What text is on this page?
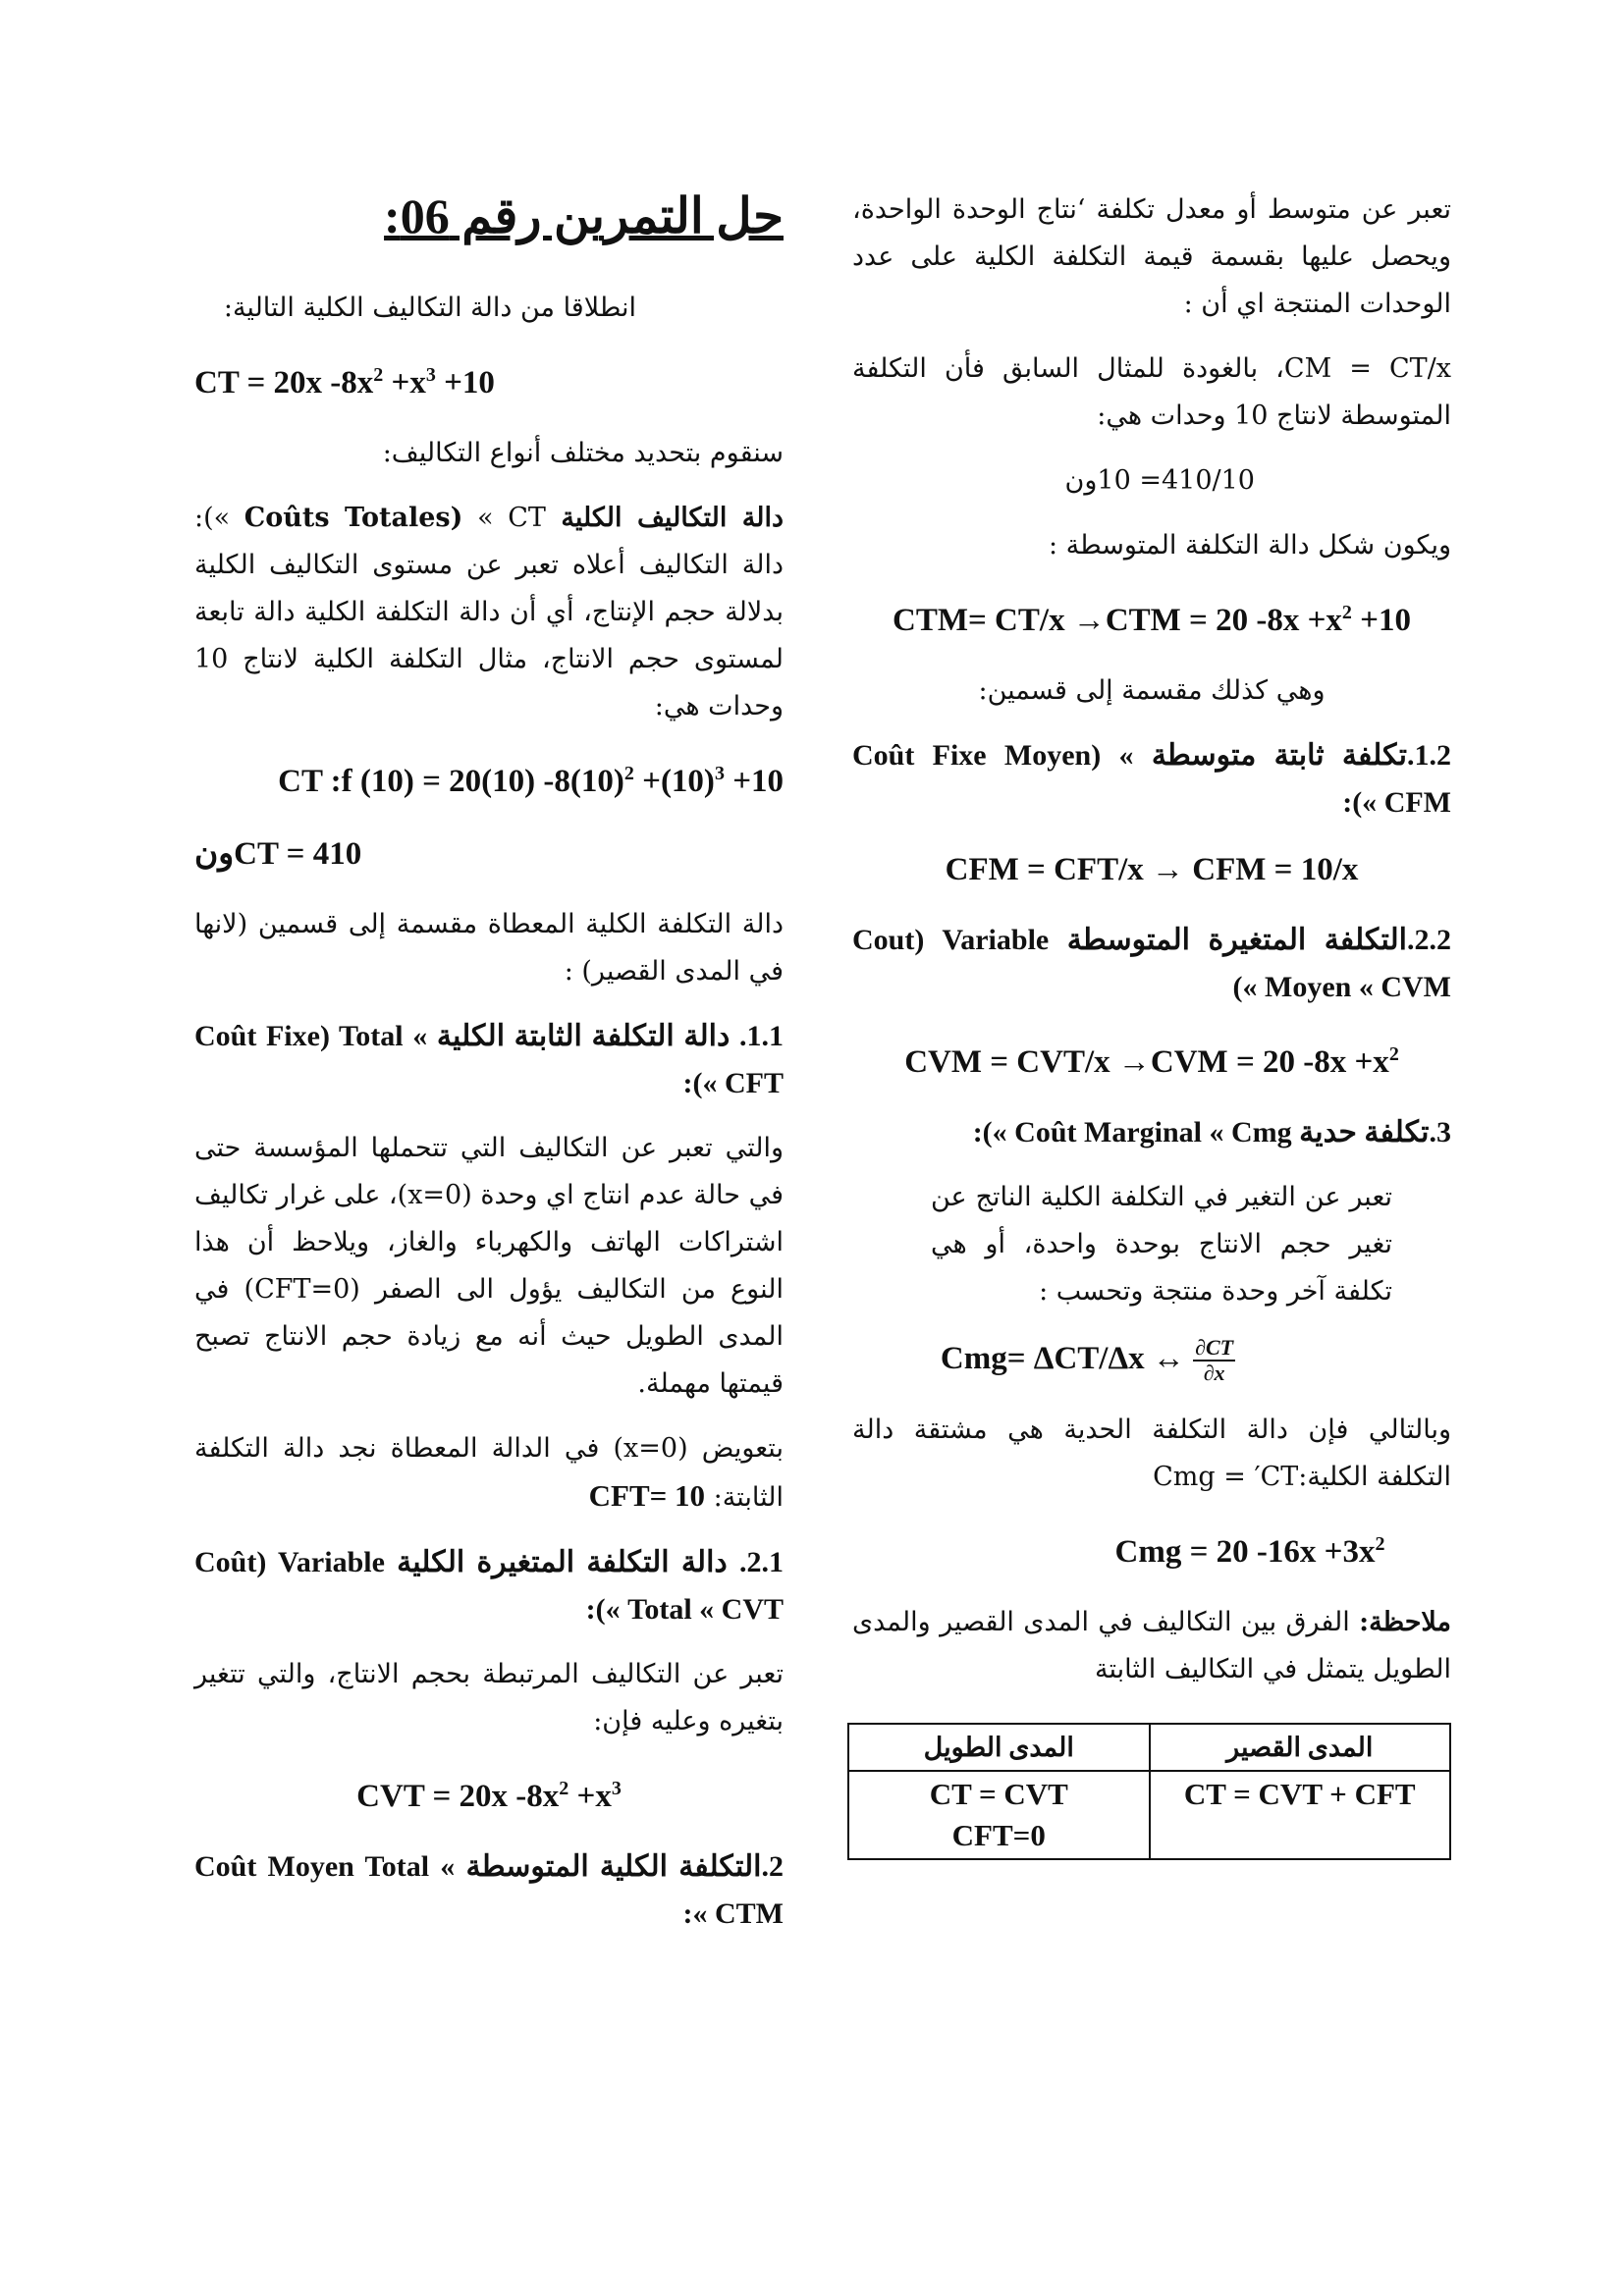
حل التمرين رقم 06:

انطلاقا من دالة التكاليف الكلية التالية:

CT = 20x $-8x^2 +x^3 +10$

سنقوم بتحديد مختلف أنواع التكاليف:

دالة التكاليف الكلية Coûts Totales) « CT »): دالة التكاليف أعلاه تعبر عن مستوى التكاليف الكلية بدلالة حجم الإنتاج، أي أن دالة التكلفة الكلية دالة تابعة لمستوى حجم الانتاج، مثال التكلفة الكلية لانتاج 10 وحدات هي:

CT :f (10) = 20(10) $-8(10)^2 +(10)^3 +10$
CT = 410ون

دالة التكلفة الكلية المعطاة مقسمة إلى قسمين (لانها في المدى القصير) :

1.1. دالة التكلفة الثابتة الكلية Coût Fixe) Total « CFT »):

والتي تعبر عن التكاليف التي تتحملها المؤسسة حتى في حالة عدم انتاج اي وحدة (x=0)، على غرار تكاليف اشتراكات الهاتف والكهرباء والغاز، ويلاحظ أن هذا النوع من التكاليف يؤول الى الصفر (CFT=0) في المدى الطويل حيث أنه مع زيادة حجم الانتاج تصبح قيمتها مهملة.

بتعويض (x=0) في الدالة المعطاة نجد دالة التكلفة الثابتة: CFT= 10

2.1. دالة التكلفة المتغيرة الكلية Coût) Variable Total « CVT »):

تعبر عن التكاليف المرتبطة بحجم الانتاج، والتي تتغير بتغيره وعليه فإن:

CVT = 20x $-8x^2 +x^3$

2.التكلفة الكلية المتوسطة Coût Moyen Total « CTM »:

تعبر عن متوسط أو معدل تكلفة ‘نتاج الوحدة الواحدة، ويحصل عليها بقسمة قيمة التكلفة الكلية على عدد الوحدات المنتجة اي أن :

CM = CT/x، بالغودة للمثال السابق فأن التكلفة المتوسطة لانتاج 10 وحدات هي:

410/10= 10ون

ويكون شكل دالة التكلفة المتوسطة :

CTM= CT/x →CTM = 20 $-8x +x^2 +10$

وهي كذلك مقسمة إلى قسمين:

1.2.تكلفة ثابتة متوسطة Coût Fixe Moyen) « CFM »):

CFM = CFT/x → CFM = 10/x

2.2.التكلفة المتغيرة المتوسطة Cout) Variable Moyen « CVM »)

CVM = CVT/x →CVM = 20 $-8x +x^2$

3.تكلفة حدية Coût Marginal « Cmg »):

تعبر عن التغير في التكلفة الكلية الناتج عن تغير حجم الانتاج بوحدة واحدة، أو هي تكلفة آخر وحدة منتجة وتحسب :

Cmg= ΔCT/Δx ↔ $\frac{\partial CT}{\partial x}$

وبالتالي فإن دالة التكلفة الحدية هي مشتقة دالة التكلفة الكلية:Cmg = ′CT

Cmg = 20 $-16x +3x^2$

ملاحظة: الفرق بين التكاليف في المدى القصير والمدى الطويل يتمثل في التكاليف الثابتة

المدى القصير	المدى الطويل
CT = CVT + CFT	CT = CVT
CFT=0
